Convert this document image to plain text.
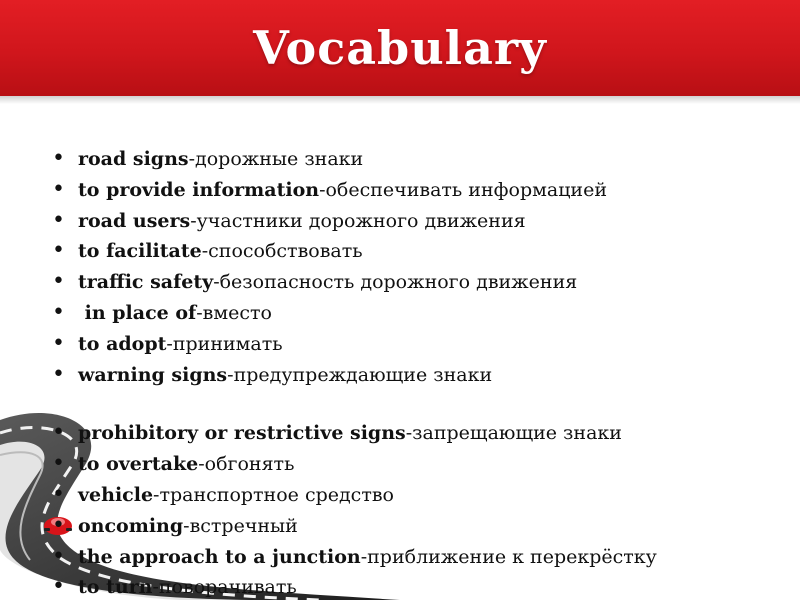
Vocabulary
• road signs-дорожные знаки
• to provide information-обеспечивать информацией
• road users-участники дорожного движения
• to facilitate-способствовать
• traffic safety-безопасность дорожного движения
•  in place of-вместо
• to adopt-принимать
• warning signs-предупреждающие знаки
• prohibitory or restrictive signs-запрещающие знаки
• to overtake-обгонять
• vehicle-транспортное средство
• oncoming-встречный
• the approach to a junction-приближение к перекрёстку
• to turn-поворачивать
